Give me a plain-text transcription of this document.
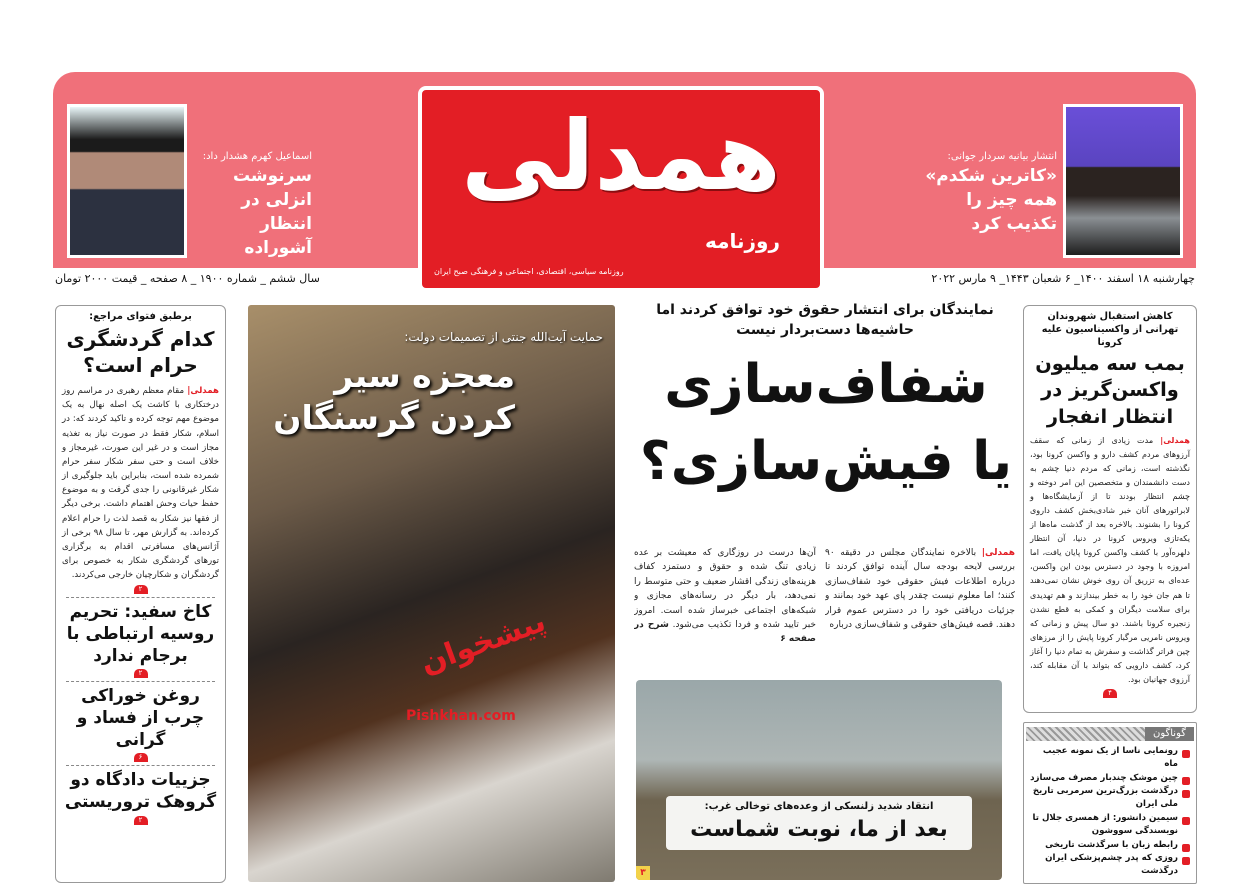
همدلی
روزنامه
روزنامه سیاسی، اقتصادی، اجتماعی و فرهنگی صبح ایران
انتشار بیانیه سردار جوانی:
«کاترین شکدم» همه چیز را تکذیب کرد
اسماعیل کهرم هشدار داد:
سرنوشت انزلی در انتظار آشوراده
چهارشنبه ۱۸ اسفند ۱۴۰۰_ ۶ شعبان ۱۴۴۳_ ۹ مارس ۲۰۲۲
سال ششم _ شماره ۱۹۰۰ _ ۸ صفحه _ قیمت ۲۰۰۰ تومان
برطبق فتوای مراجع:
کدام گردشگری حرام است؟
همدلی| مقام معظم رهبری در مراسم روز درختکاری با کاشت یک اصله نهال به یک موضوع مهم توجه کرده و تاکید کردند که: در اسلام، شکار فقط در صورت نیاز به تغذیه مجاز است و در غیر این صورت، غیرمجاز و خلاف است و حتی سفر شکار سفر حرام شمرده شده است، بنابراین باید جلوگیری از شکار غیرقانونی را جدی گرفت و به موضوع حفظ حیات وحش اهتمام داشت. برخی دیگر از فقها نیز شکار به قصد لذت را حرام اعلام کرده‌اند. به گزارش مهر، تا سال ۹۸ برخی از آژانس‌های مسافرتی اقدام به برگزاری تورهای گردشگری شکار به خصوص برای گردشگران و شکارچیان خارجی می‌کردند.
۲
کاخ سفید: تحریم روسیه ارتباطی با برجام ندارد
۲
روغن خوراکی چرب از فساد و گرانی
۶
جزییات دادگاه دو گروهک تروریستی
۲
حمایت آیت‌الله جنتی از تصمیمات دولت:
معجزه سیر کردن گرسنگان
پیشخوان
Pishkhan.com
نمایندگان برای انتشار حقوق خود توافق کردند اما حاشیه‌ها دست‌بردار نیست
شفاف‌سازی یا فیش‌سازی؟
همدلی| بالاخره نمایندگان مجلس در دقیقه ۹۰ بررسی لایحه بودجه سال آینده توافق کردند تا درباره اطلاعات فیش حقوقی خود شفاف‌سازی کنند؛ اما معلوم نیست چقدر پای عهد خود بمانند و جزئیات دریافتی خود را در دسترس عموم قرار دهند. قصه فیش‌های حقوقی و شفاف‌سازی درباره
آن‌ها درست در روزگاری که معیشت بر عده زیادی تنگ شده و حقوق و دستمزد کفاف هزینه‌های زندگی اقشار ضعیف و حتی متوسط را نمی‌دهد، بار دیگر در رسانه‌های مجازی و شبکه‌های اجتماعی خبرساز شده است. امروز خبر تایید شده و فردا تکذیب می‌شود. شرح در صفحه ۶
انتقاد شدید زلنسکی از وعده‌های توخالی غرب:
بعد از ما، نوبت شماست
۳
کاهش استقبال شهروندان تهرانی از واکسیناسیون علیه کرونا
بمب سه میلیون واکسن‌گریز در انتظار انفجار
همدلی| مدت زیادی از زمانی که سقف آرزوهای مردم کشف دارو و واکسن کرونا بود، نگذشته است، زمانی که مردم دنیا چشم به دست دانشمندان و متخصصین این امر دوخته و چشم انتظار بودند تا از آزمایشگاه‌ها و لابراتورهای آنان خبر شادی‌بخش کشف داروی کرونا را بشنوند. بالاخره بعد از گذشت ماه‌ها از یکه‌تازی ویروس کرونا در دنیا، آن انتظار دلهره‌آور با کشف واکسن کرونا پایان یافت، اما امروزه با وجود در دسترس بودن این واکسن، عده‌ای به تزریق آن روی خوش نشان نمی‌دهند تا هم جان خود را به خطر بیندازند و هم تهدیدی برای سلامت دیگران و کمکی به قطع نشدن زنجیره کرونا باشند. دو سال پیش و زمانی که ویروس نامریی مرگبار کرونا پایش را از مرزهای چین فراتر گذاشت و سفرش به تمام دنیا را آغاز کرد، کشف دارویی که بتواند با آن مقابله کند، آرزوی جهانیان بود.
۴
گوناگون
رونمایی ناسا از یک نمونه عجیب ماه
چین موشک چندبار مصرف می‌سازد
درگذشت بزرگ‌ترین سرمربی تاریخ ملی ایران
سیمین دانشور: از همسری جلال تا نویسندگی سووشون
رابطه زبان با سرگذشت تاریخی
روزی که پدر چشم‌پزشکی ایران درگذشت
